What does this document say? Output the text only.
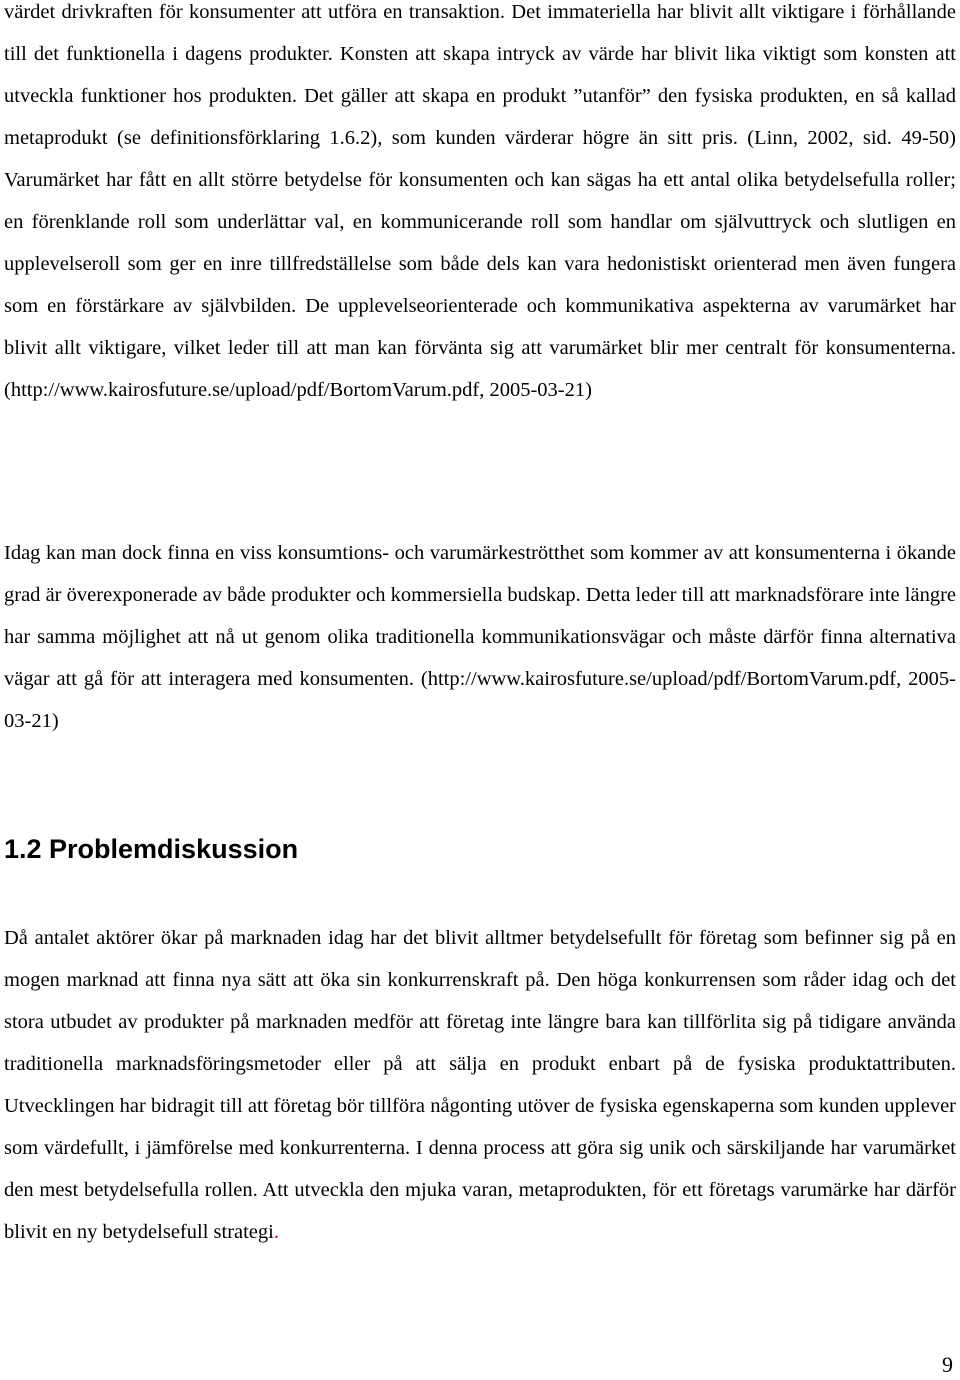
värdet drivkraften för konsumenter att utföra en transaktion. Det immateriella har blivit allt viktigare i förhållande till det funktionella i dagens produkter. Konsten att skapa intryck av värde har blivit lika viktigt som konsten att utveckla funktioner hos produkten. Det gäller att skapa en produkt ”utanför” den fysiska produkten, en så kallad metaprodukt (se definitionsförklaring 1.6.2), som kunden värderar högre än sitt pris. (Linn, 2002, sid. 49-50) Varumärket har fått en allt större betydelse för konsumenten och kan sägas ha ett antal olika betydelsefulla roller; en förenklande roll som underlättar val, en kommunicerande roll som handlar om självuttryck och slutligen en upplevelseroll som ger en inre tillfredställelse som både dels kan vara hedonistiskt orienterad men även fungera som en förstärkare av självbilden. De upplevelseorienterade och kommunikativa aspekterna av varumärket har blivit allt viktigare, vilket leder till att man kan förvänta sig att varumärket blir mer centralt för konsumenterna. (http://www.kairosfuture.se/upload/pdf/BortomVarum.pdf, 2005-03-21)

Idag kan man dock finna en viss konsumtions- och varumärkeströtthet som kommer av att konsumenterna i ökande grad är överexponerade av både produkter och kommersiella budskap. Detta leder till att marknadsförare inte längre har samma möjlighet att nå ut genom olika traditionella kommunikationsvägar och måste därför finna alternativa vägar att gå för att interagera med konsumenten. (http://www.kairosfuture.se/upload/pdf/BortomVarum.pdf, 2005-03-21)

1.2 Problemdiskussion

Då antalet aktörer ökar på marknaden idag har det blivit alltmer betydelsefullt för företag som befinner sig på en mogen marknad att finna nya sätt att öka sin konkurrenskraft på. Den höga konkurrensen som råder idag och det stora utbudet av produkter på marknaden medför att företag inte längre bara kan tillförlita sig på tidigare använda traditionella marknadsföringsmetoder eller på att sälja en produkt enbart på de fysiska produktattributen. Utvecklingen har bidragit till att företag bör tillföra någonting utöver de fysiska egenskaperna som kunden upplever som värdefullt, i jämförelse med konkurrenterna. I denna process att göra sig unik och särskiljande har varumärket den mest betydelsefulla rollen. Att utveckla den mjuka varan, metaprodukten, för ett företags varumärke har därför blivit en ny betydelsefull strategi.

9
